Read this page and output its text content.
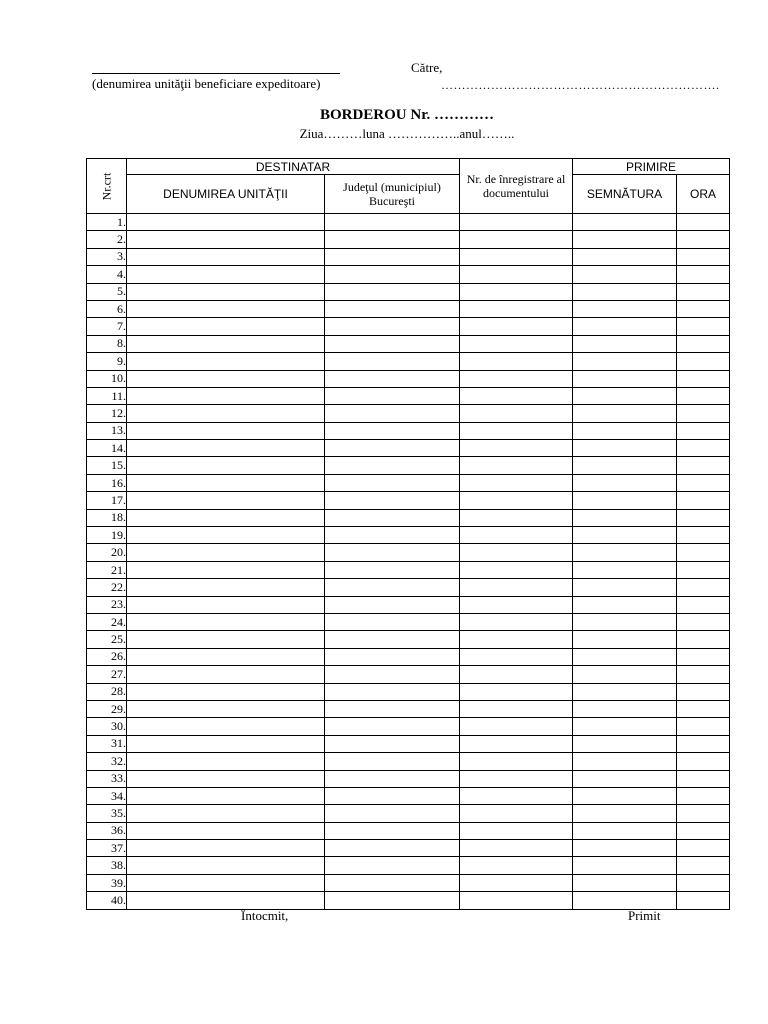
(denumirea unităţii beneficiare expeditoare)
Către,
………………………………………………………….
BORDEROU Nr. …………
Ziua………luna ……………..anul……..
Nr.crt	DESTINATAR		Nr. de înregistrare al documentului	PRIMIRE	
	DENUMIREA UNITĂŢII	Judeţul (municipiul) Bucureşti		SEMNĂTURA	ORA
1.					
2.					
3.					
4.					
5.					
6.					
7.					
8.					
9.					
10.					
11.					
12.					
13.					
14.					
15.					
16.					
17.					
18.					
19.					
20.					
21.					
22.					
23.					
24.					
25.					
26.					
27.					
28.					
29.					
30.					
31.					
32.					
33.					
34.					
35.					
36.					
37.					
38.					
39.					
40.					
Întocmit,	Primit
